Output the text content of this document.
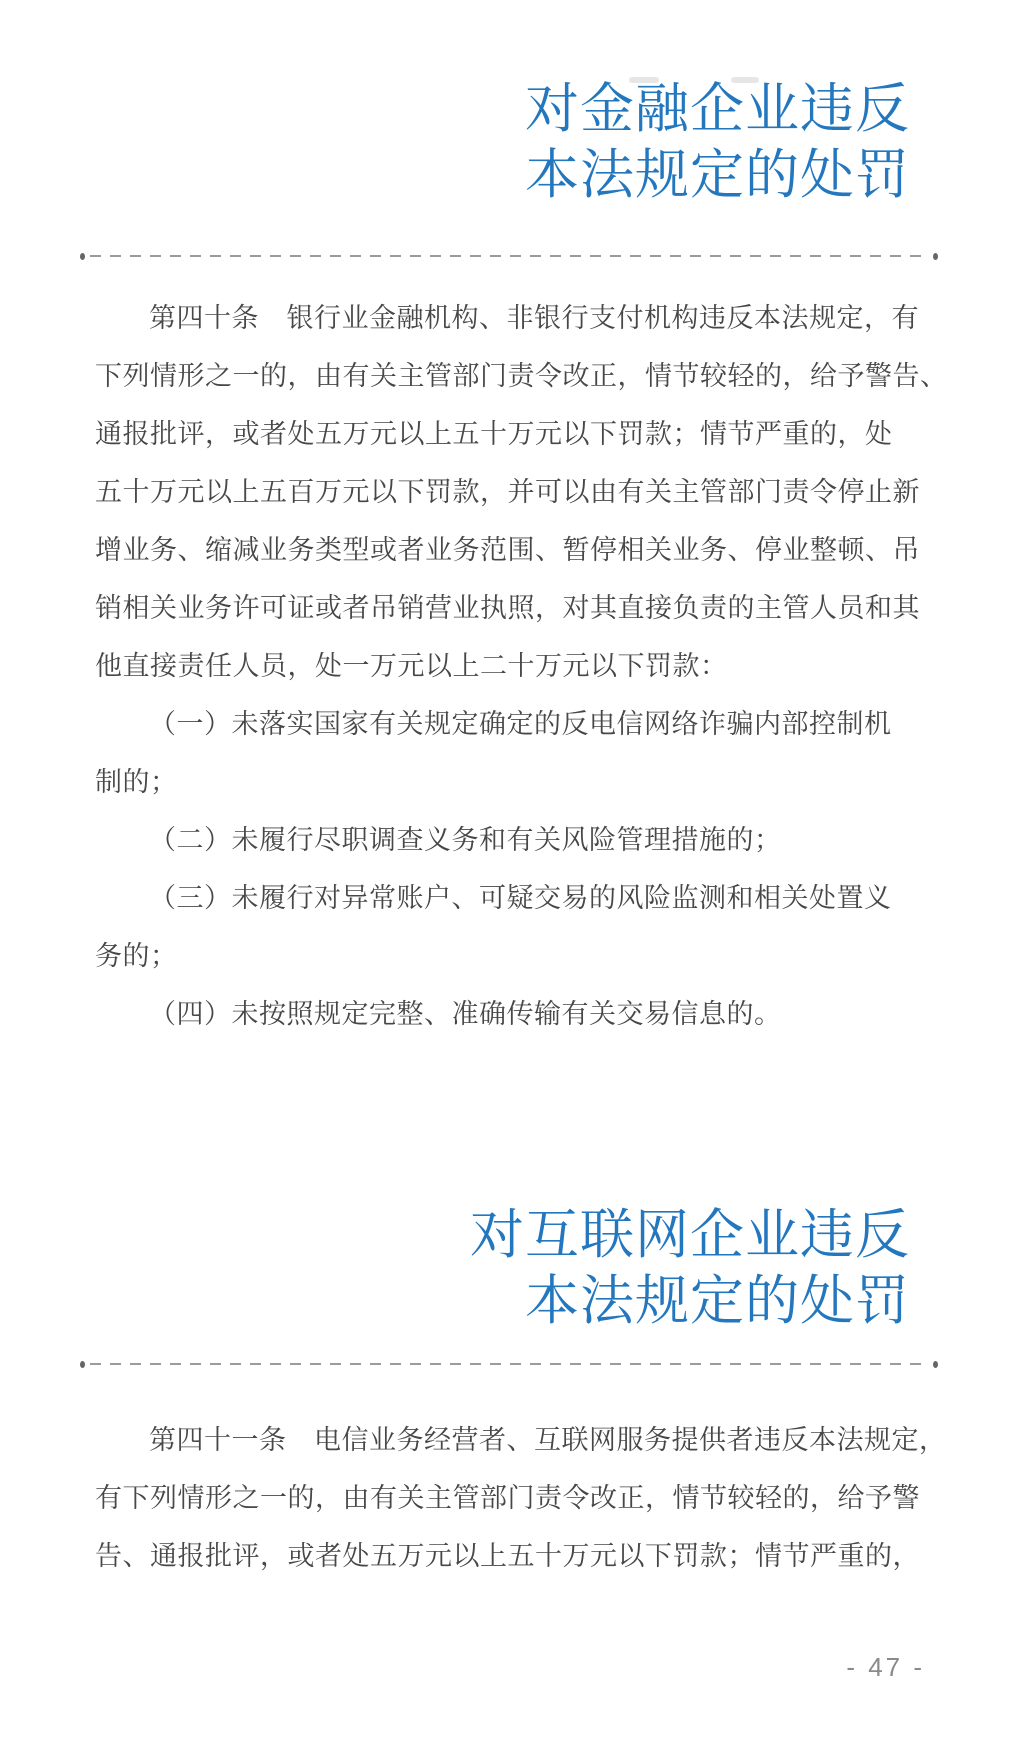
对金融企业违反
本法规定的处罚
第四十条　银行业金融机构、非银行支付机构违反本法规定，有
下列情形之一的，由有关主管部门责令改正，情节较轻的，给予警告、
通报批评，或者处五万元以上五十万元以下罚款；情节严重的，处
五十万元以上五百万元以下罚款，并可以由有关主管部门责令停止新
增业务、缩减业务类型或者业务范围、暂停相关业务、停业整顿、吊
销相关业务许可证或者吊销营业执照，对其直接负责的主管人员和其
他直接责任人员，处一万元以上二十万元以下罚款：
（一）未落实国家有关规定确定的反电信网络诈骗内部控制机
制的；
（二）未履行尽职调查义务和有关风险管理措施的；
（三）未履行对异常账户、可疑交易的风险监测和相关处置义
务的；
（四）未按照规定完整、准确传输有关交易信息的。
对互联网企业违反
本法规定的处罚
第四十一条　电信业务经营者、互联网服务提供者违反本法规定，
有下列情形之一的，由有关主管部门责令改正，情节较轻的，给予警
告、通报批评，或者处五万元以上五十万元以下罚款；情节严重的，
- 47 -
